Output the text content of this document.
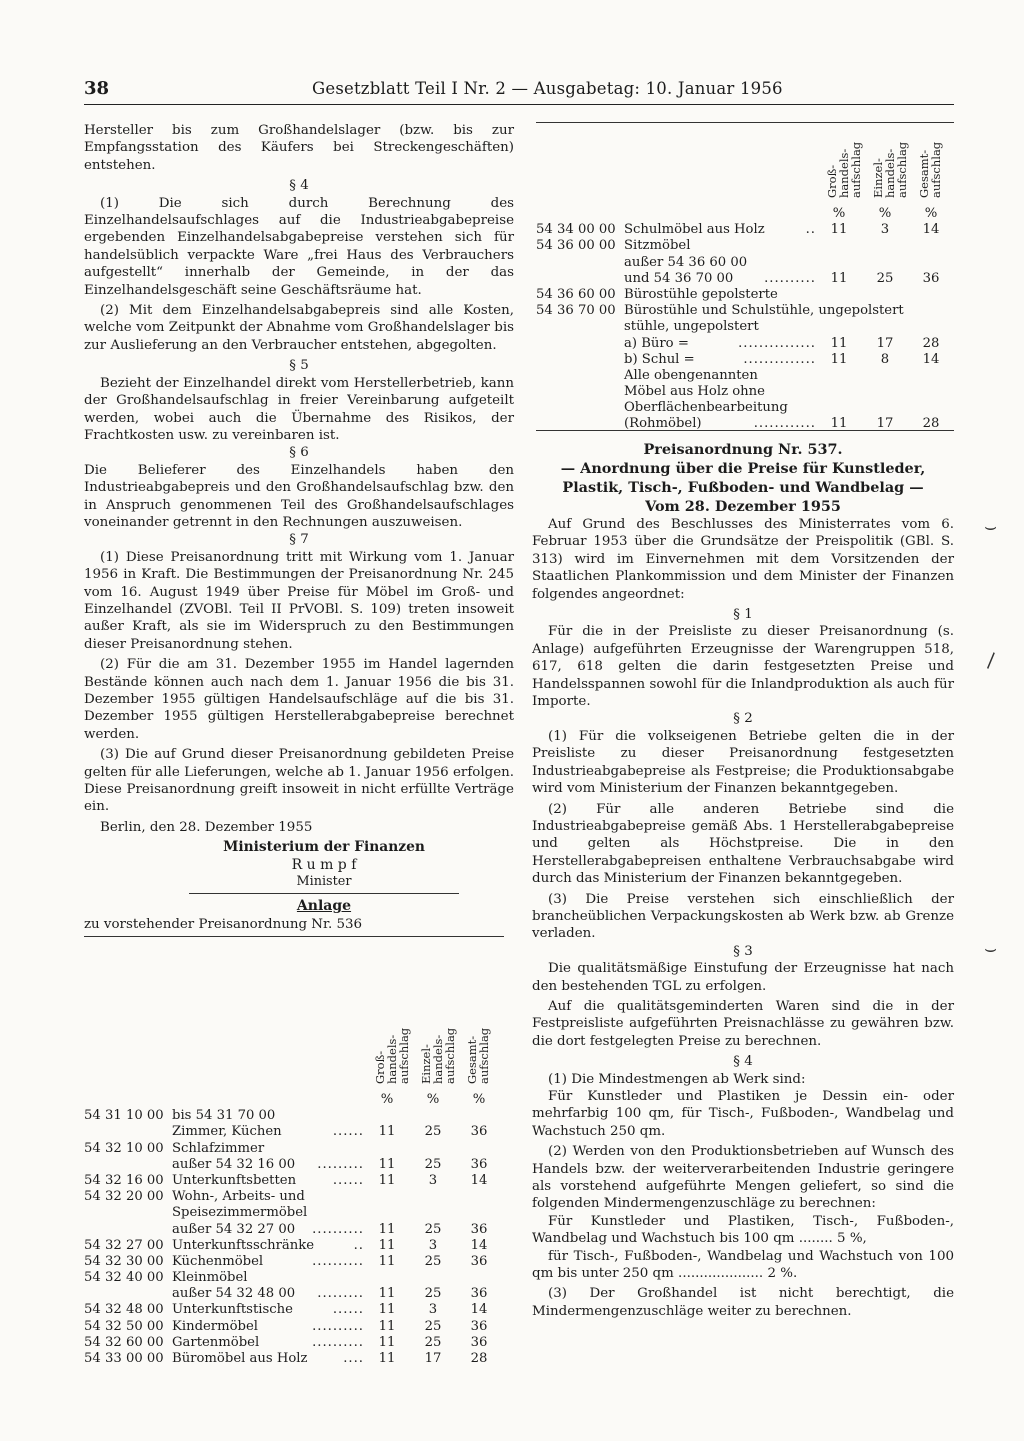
38	Gesetzblatt Teil I Nr. 2 — Ausgabetag: 10. Januar 1956

Hersteller bis zum Großhandelslager (bzw. bis zur Empfangsstation des Käufers bei Streckengeschäften) entstehen.

§ 4

(1) Die sich durch Berechnung des Einzelhandelsaufschlages auf die Industrieabgabepreise ergebenden Einzelhandelsabgabepreise verstehen sich für handelsüblich verpackte Ware „frei Haus des Verbrauchers aufgestellt“ innerhalb der Gemeinde, in der das Einzelhandelsgeschäft seine Geschäftsräume hat.

(2) Mit dem Einzelhandelsabgabepreis sind alle Kosten, welche vom Zeitpunkt der Abnahme vom Großhandelslager bis zur Auslieferung an den Verbraucher entstehen, abgegolten.

§ 5

Bezieht der Einzelhandel direkt vom Herstellerbetrieb, kann der Großhandelsaufschlag in freier Vereinbarung aufgeteilt werden, wobei auch die Übernahme des Risikos, der Frachtkosten usw. zu vereinbaren ist.

§ 6

Die Belieferer des Einzelhandels haben den Industrieabgabepreis und den Großhandelsaufschlag bzw. den in Anspruch genommenen Teil des Großhandelsaufschlages voneinander getrennt in den Rechnungen auszuweisen.

§ 7

(1) Diese Preisanordnung tritt mit Wirkung vom 1. Januar 1956 in Kraft. Die Bestimmungen der Preisanordnung Nr. 245 vom 16. August 1949 über Preise für Möbel im Groß- und Einzelhandel (ZVOBl. Teil II PrVOBl. S. 109) treten insoweit außer Kraft, als sie im Widerspruch zu den Bestimmungen dieser Preisanordnung stehen.

(2) Für die am 31. Dezember 1955 im Handel lagernden Bestände können auch nach dem 1. Januar 1956 die bis 31. Dezember 1955 gültigen Handelsaufschläge auf die bis 31. Dezember 1955 gültigen Herstellerabgabepreise berechnet werden.

(3) Die auf Grund dieser Preisanordnung gebildeten Preise gelten für alle Lieferungen, welche ab 1. Januar 1956 erfolgen. Diese Preisanordnung greift insoweit in nicht erfüllte Verträge ein.

Berlin, den 28. Dezember 1955

Ministerium der Finanzen

R u m p f

Minister

Anlage

zu vorstehender Preisanordnung Nr. 536

Groß-handels-aufschlag Einzel-handels-aufschlag Gesamt-aufschlag
%	%	%
54 31 10 00 bis 54 31 70 00
Zimmer, Küchen	......	11	25	36
54 32 10 00 Schlafzimmer
außer 54 32 16 00 .........	11	25	36
54 32 16 00 Unterkunftsbetten	......	11	3	14
54 32 20 00 Wohn-, Arbeits- und
Speisezimmermöbel
außer 54 32 27 00 ..........	11	25	36
54 32 27 00 Unterkunftsschränke	..	11	3	14
54 32 30 00 Küchenmöbel	..........	11	25	36
54 32 40 00 Kleinmöbel
außer 54 32 48 00 .........	11	25	36
54 32 48 00 Unterkunftstische	......	11	3	14
54 32 50 00 Kindermöbel	..........	11	25	36
54 32 60 00 Gartenmöbel	..........	11	25	36
54 33 00 00 Büromöbel aus Holz	....	11	17	28
Groß-handels-aufschlag Einzel-handels-aufschlag Gesamt-aufschlag
%	%	%
54 34 00 00 Schulmöbel aus Holz	..	11	3	14
54 36 00 00 Sitzmöbel
außer 54 36 60 00
und 54 36 70 00 ..........	11	25	36
54 36 60 00 Bürostühle gepolsterte
54 36 70 00 Bürostühle und Schulstühle, ungepolstert
stühle, ungepolstert
a) Büro =	...............	11	17	28
b) Schul =	..............	11	8	14
Alle obengenannten
Möbel aus Holz ohne
Oberflächenbearbeitung
(Rohmöbel)	............	11	17	28

Preisanordnung Nr. 537.

— Anordnung über die Preise für Kunstleder,

Plastik, Tisch-, Fußboden- und Wandbelag —

Vom 28. Dezember 1955

Auf Grund des Beschlusses des Ministerrates vom 6. Februar 1953 über die Grundsätze der Preispolitik (GBl. S. 313) wird im Einvernehmen mit dem Vorsitzenden der Staatlichen Plankommission und dem Minister der Finanzen folgendes angeordnet:

§ 1

Für die in der Preisliste zu dieser Preisanordnung (s. Anlage) aufgeführten Erzeugnisse der Warengruppen 518, 617, 618 gelten die darin festgesetzten Preise und Handelsspannen sowohl für die Inlandproduktion als auch für Importe.

§ 2

(1) Für die volkseigenen Betriebe gelten die in der Preisliste zu dieser Preisanordnung festgesetzten Industrieabgabepreise als Festpreise; die Produktionsabgabe wird vom Ministerium der Finanzen bekanntgegeben.

(2) Für alle anderen Betriebe sind die Industrieabgabepreise gemäß Abs. 1 Herstellerabgabepreise und gelten als Höchstpreise. Die in den Herstellerabgabepreisen enthaltene Verbrauchsabgabe wird durch das Ministerium der Finanzen bekanntgegeben.

(3) Die Preise verstehen sich einschließlich der brancheüblichen Verpackungskosten ab Werk bzw. ab Grenze verladen.

§ 3

Die qualitätsmäßige Einstufung der Erzeugnisse hat nach den bestehenden TGL zu erfolgen.

Auf die qualitätsgeminderten Waren sind die in der Festpreisliste aufgeführten Preisnachlässe zu gewähren bzw. die dort festgelegten Preise zu berechnen.

§ 4

(1) Die Mindestmengen ab Werk sind:

Für Kunstleder und Plastiken je Dessin ein- oder mehrfarbig 100 qm, für Tisch-, Fußboden-, Wandbelag und Wachstuch 250 qm.

(2) Werden von den Produktionsbetrieben auf Wunsch des Handels bzw. der weiterverarbeitenden Industrie geringere als vorstehend aufgeführte Mengen geliefert, so sind die folgenden Mindermengenzuschläge zu berechnen:

Für Kunstleder und Plastiken, Tisch-, Fußboden-, Wandbelag und Wachstuch bis 100 qm ........ 5 %,

für Tisch-, Fußboden-, Wandbelag und Wachstuch von 100 qm bis unter 250 qm .................... 2 %.

(3) Der Großhandel ist nicht berechtigt, die Mindermengenzuschläge weiter zu berechnen.

⌣
\
⌣
